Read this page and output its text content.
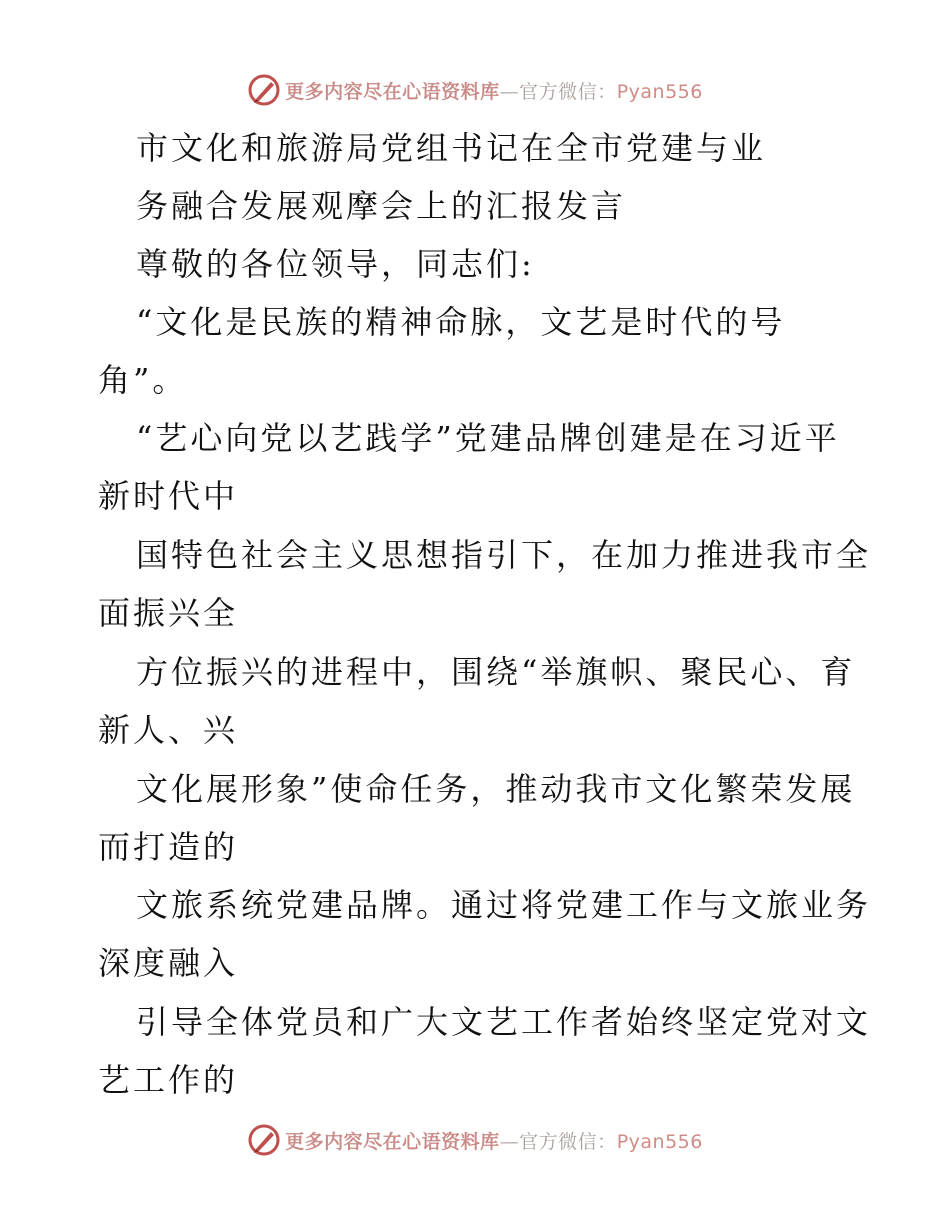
更多内容尽在心语资料库—官方微信：Pyan556
市文化和旅游局党组书记在全市党建与业
务融合发展观摩会上的汇报发言
尊敬的各位领导，同志们:
“文化是民族的精神命脉，文艺是时代的号
角”。
“艺心向党以艺践学”党建品牌创建是在习近平
新时代中
国特色社会主义思想指引下，在加力推进我市全
面振兴全
方位振兴的进程中，围绕“举旗帜、聚民心、育
新人、兴
文化展形象”使命任务，推动我市文化繁荣发展
而打造的
文旅系统党建品牌。通过将党建工作与文旅业务
深度融入
引导全体党员和广大文艺工作者始终坚定党对文
艺工作的
更多内容尽在心语资料库—官方微信：Pyan556
